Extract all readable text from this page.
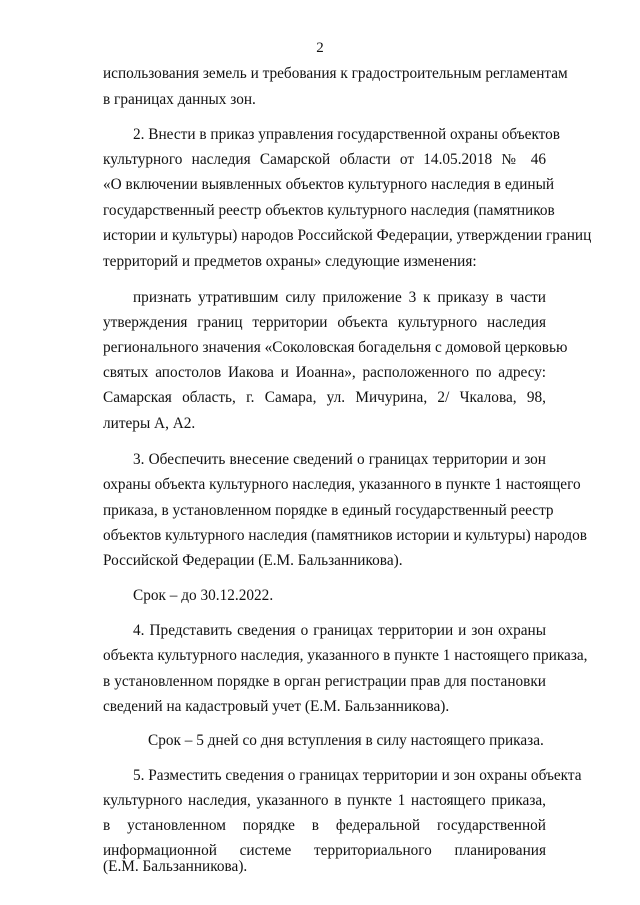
2
использования земель и требования к градостроительным регламентам
в границах данных зон.
2. Внести в приказ управления государственной охраны объектов
культурного наследия Самарской области от 14.05.2018 № 46
«О включении выявленных объектов культурного наследия в единый
государственный реестр объектов культурного наследия (памятников
истории и культуры) народов Российской Федерации, утверждении границ
территорий и предметов охраны» следующие изменения:
признать утратившим силу приложение 3 к приказу в части
утверждения границ территории объекта культурного наследия
регионального значения «Соколовская богадельня с домовой церковью
святых апостолов Иакова и Иоанна», расположенного по адресу:
Самарская область, г. Самара, ул. Мичурина, 2/ Чкалова, 98,
литеры А, А2.
3. Обеспечить внесение сведений о границах территории и зон
охраны объекта культурного наследия, указанного в пункте 1 настоящего
приказа, в установленном порядке в единый государственный реестр
объектов культурного наследия (памятников истории и культуры) народов
Российской Федерации (Е.М. Бальзанникова).
Срок – до 30.12.2022.
4. Представить сведения о границах территории и зон охраны
объекта культурного наследия, указанного в пункте 1 настоящего приказа,
в установленном порядке в орган регистрации прав для постановки
сведений на кадастровый учет (Е.М. Бальзанникова).
Срок – 5 дней со дня вступления в силу настоящего приказа.
5. Разместить сведения о границах территории и зон охраны объекта
культурного наследия, указанного в пункте 1 настоящего приказа,
в установленном порядке в федеральной государственной
информационной системе территориального планирования
(Е.М. Бальзанникова).
